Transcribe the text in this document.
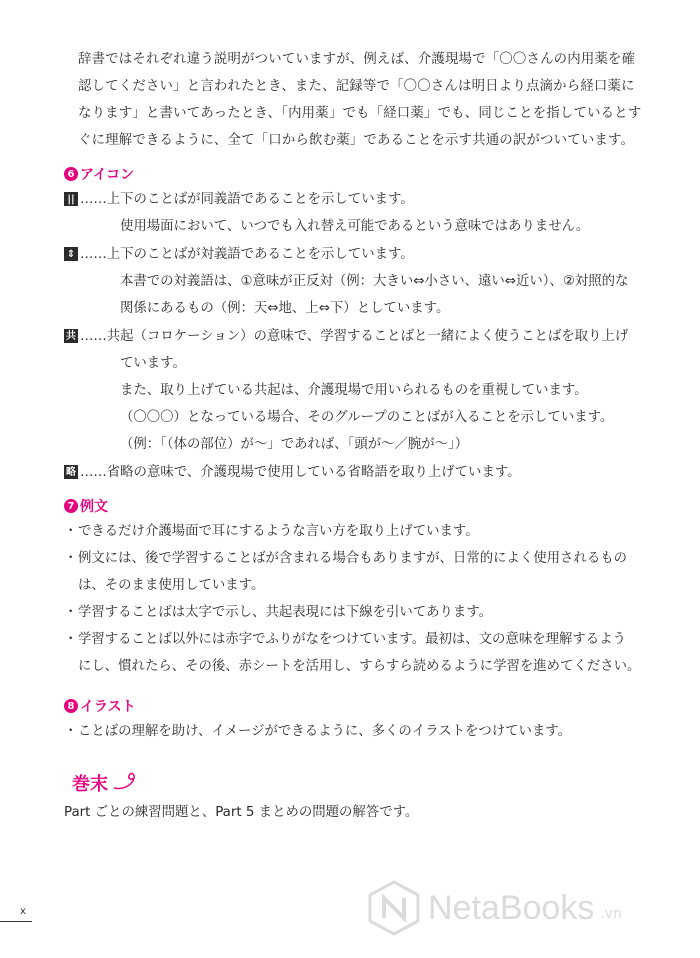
辞書ではそれぞれ違う説明がついていますが、例えば、介護現場で「〇〇さんの内用薬を確

認してください」と言われたとき、また、記録等で「〇〇さんは明日より点滴から経口薬に

なります」と書いてあったとき、「内用薬」でも「経口薬」でも、同じことを指しているとす

ぐに理解できるように、全て「口から飲む薬」であることを示す共通の訳がついています。

6 アイコン
|| ……上下のことばが同義語であることを示しています。
使用場面において、いつでも入れ替え可能であるという意味ではありません。
⇕ ……上下のことばが対義語であることを示しています。
本書での対義語は、①意味が正反対（例：大きい⇔小さい、遠い⇔近い）、②対照的な
関係にあるもの（例：天⇔地、上⇔下）としています。
共 ……共起（コロケーション）の意味で、学習することばと一緒によく使うことばを取り上げ
ています。
また、取り上げている共起は、介護現場で用いられるものを重視しています。
（〇〇〇）となっている場合、そのグループのことばが入ることを示しています。
（例：「（体の部位）が〜」であれば、「頭が〜／腕が〜」）
略 ……省略の意味で、介護現場で使用している省略語を取り上げています。
7 例文
・ できるだけ介護場面で耳にするような言い方を取り上げています。
・ 例文には、後で学習することばが含まれる場合もありますが、日常的によく使用されるもの
は、そのまま使用しています。
・ 学習することばは太字で示し、共起表現には下線を引いてあります。
・ 学習することば以外には赤字でふりがなをつけています。最初は、文の意味を理解するよう
にし、慣れたら、その後、赤シートを活用し、すらすら読めるように学習を進めてください。
8 イラスト
・ ことばの理解を助け、イメージができるように、多くのイラストをつけています。
巻末
Part ごとの練習問題と、Part 5 まとめの問題の解答です。
x	NetaBooks .vn
